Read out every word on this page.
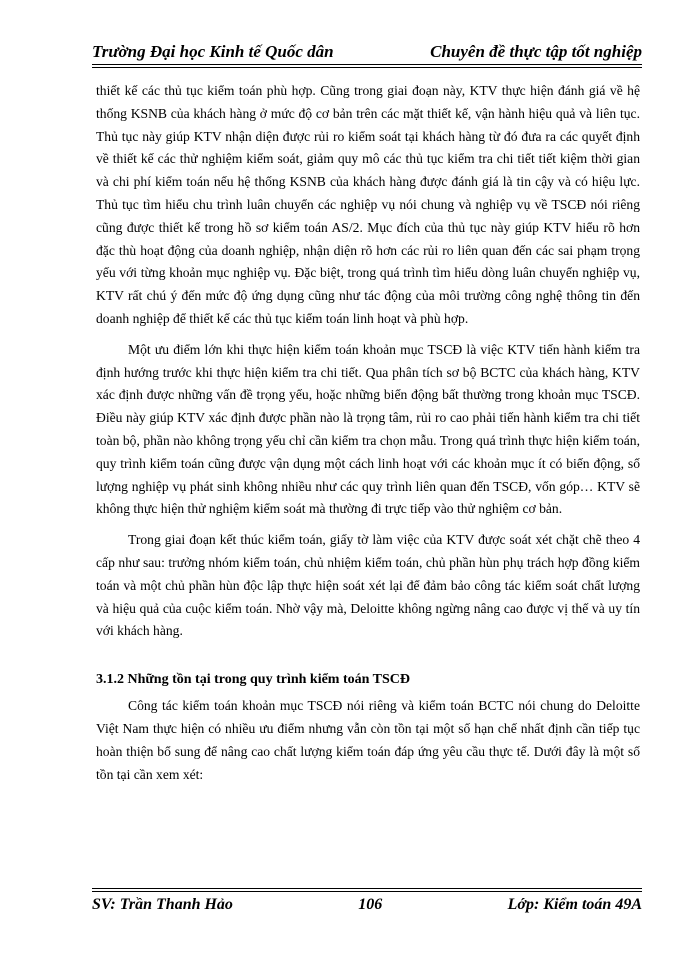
Trường Đại học Kinh tế Quốc dân	Chuyên đề thực tập tốt nghiệp

thiết kế các thủ tục kiểm toán phù hợp. Cũng trong giai đoạn này, KTV thực hiện đánh giá về hệ thống KSNB của khách hàng ở mức độ cơ bản trên các mặt thiết kế, vận hành hiệu quả và liên tục. Thủ tục này giúp KTV nhận diện được rủi ro kiểm soát tại khách hàng từ đó đưa ra các quyết định về thiết kế các thử nghiệm kiểm soát, giảm quy mô các thủ tục kiểm tra chi tiết tiết kiệm thời gian và chi phí kiểm toán nếu hệ thống KSNB của khách hàng được đánh giá là tin cậy và có hiệu lực. Thủ tục tìm hiểu chu trình luân chuyển các nghiệp vụ nói chung và nghiệp vụ về TSCĐ nói riêng cũng được thiết kế trong hồ sơ kiểm toán AS/2. Mục đích của thủ tục này giúp KTV hiểu rõ hơn đặc thù hoạt động của doanh nghiệp, nhận diện rõ hơn các rủi ro liên quan đến các sai phạm trọng yếu với từng khoản mục nghiệp vụ. Đặc biệt, trong quá trình tìm hiểu dòng luân chuyển nghiệp vụ, KTV rất chú ý đến mức độ ứng dụng cũng như tác động của môi trường công nghệ thông tin đến doanh nghiệp để thiết kế các thủ tục kiểm toán linh hoạt và phù hợp.

Một ưu điểm lớn khi thực hiện kiểm toán khoản mục TSCĐ là việc KTV tiến hành kiểm tra định hướng trước khi thực hiện kiểm tra chi tiết. Qua phân tích sơ bộ BCTC của khách hàng, KTV xác định được những vấn đề trọng yếu, hoặc những biến động bất thường trong khoản mục TSCĐ. Điều này giúp KTV xác định được phần nào là trọng tâm, rủi ro cao phải tiến hành kiểm tra chi tiết toàn bộ, phần nào không trọng yếu chỉ cần kiểm tra chọn mẫu. Trong quá trình thực hiện kiểm toán, quy trình kiểm toán cũng được vận dụng một cách linh hoạt với các khoản mục ít có biến động, số lượng nghiệp vụ phát sinh không nhiều như các quy trình liên quan đến TSCĐ, vốn góp… KTV sẽ không thực hiện thử nghiệm kiểm soát mà thường đi trực tiếp vào thử nghiệm cơ bản.

Trong giai đoạn kết thúc kiểm toán, giấy tờ làm việc của KTV được soát xét chặt chẽ theo 4 cấp như sau: trưởng nhóm kiểm toán, chủ nhiệm kiểm toán, chủ phần hùn phụ trách hợp đồng kiểm toán và một chủ phần hùn độc lập thực hiện soát xét lại để đảm bảo công tác kiểm soát chất lượng và hiệu quả của cuộc kiểm toán. Nhờ vậy mà, Deloitte không ngừng nâng cao được vị thế và uy tín với khách hàng.

3.1.2 Những tồn tại trong quy trình kiểm toán TSCĐ

Công tác kiểm toán khoản mục TSCĐ nói riêng và kiểm toán BCTC nói chung do Deloitte Việt Nam thực hiện có nhiều ưu điểm nhưng vẫn còn tồn tại một số hạn chế nhất định cần tiếp tục hoàn thiện bổ sung để nâng cao chất lượng kiểm toán đáp ứng yêu cầu thực tế. Dưới đây là một số tồn tại cần xem xét:

SV: Trần Thanh Hảo	106	Lớp: Kiểm toán 49A
